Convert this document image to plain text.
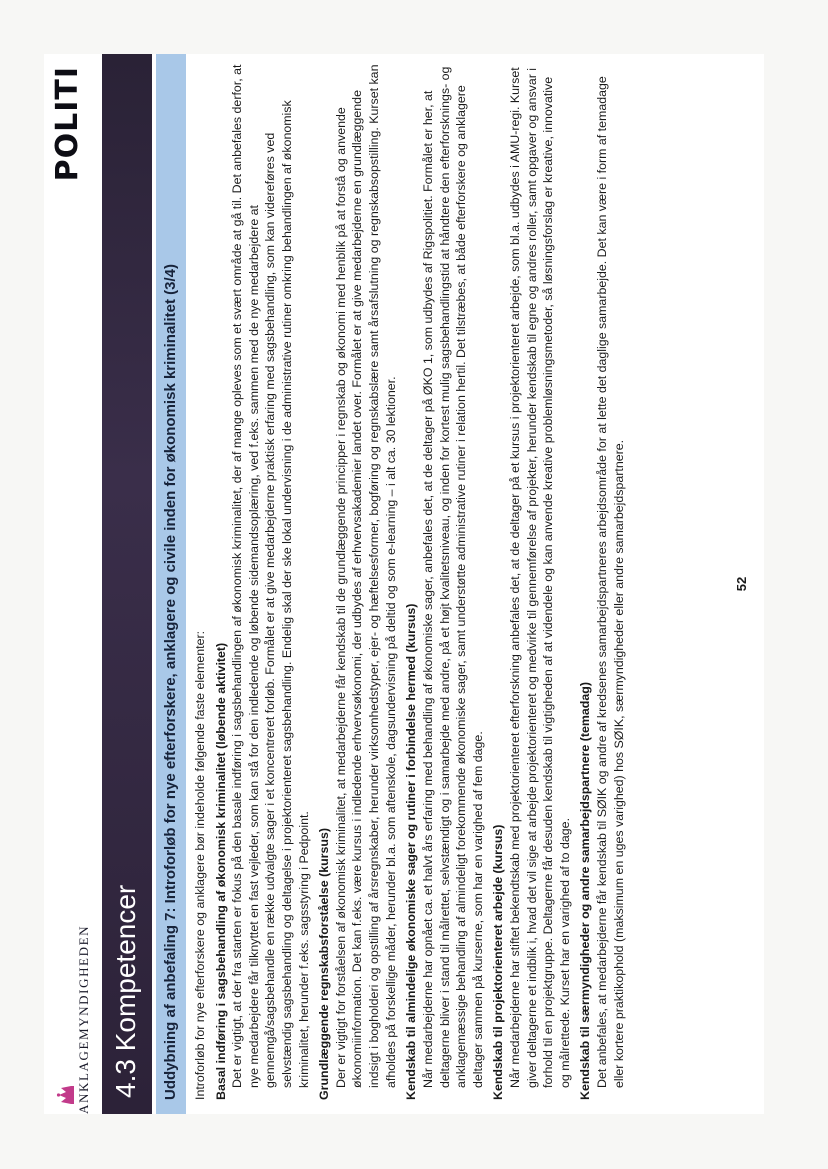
ANKLAGEMYNDIGHEDEN
POLITI
4.3 Kompetencer Uddybning af anbefaling 7: Introforløb for nye efterforskere, anklagere og civile inden for økonomisk kriminalitet (3/4) Introforløb for nye efterforskere og anklagere bør indeholde følgende faste elementer: Basal indføring i sagsbehandling af økonomisk kriminalitet (løbende aktivitet) Det er vigtigt, at der fra starten er fokus på den basale indføring i sagsbehandlingen af økonomisk kriminalitet, der af mange opleves som et svært område at gå til. Det anbefales derfor, at nye medarbejdere får tilknyttet en fast vejleder, som kan stå for den indledende og løbende sidemandsoplæring, ved f.eks. sammen med de nye medarbejdere at gennemgå/sagsbehandle en række udvalgte sager i et koncentreret forløb. Formålet er at give medarbejderne praktisk erfaring med sagsbehandling, som kan videreføres ved selvstændig sagsbehandling og deltagelse i projektorienteret sagsbehandling. Endelig skal der ske lokal undervisning i de administrative rutiner omkring behandlingen af økonomisk kriminalitet, herunder f.eks. sagsstyring i Pedpoint. Grundlæggende regnskabsforståelse (kursus) Der er vigtigt for forståelsen af økonomisk kriminalitet, at medarbejderne får kendskab til de grundlæggende principper i regnskab og økonomi med henblik på at forstå og anvende økonomiinformation. Det kan f.eks. være kursus i indledende erhvervsøkonomi, der udbydes af erhvervsakademier landet over. Formålet er at give medarbejderne en grundlæggende indsigt i bogholderi og opstilling af årsregnskaber, herunder virksomhedstyper, ejer- og hæftelsesformer, bogføring og regnskabslære samt årsafslutning og regnskabsopstilling. Kurset kan afholdes på forskellige måder, herunder bl.a. som aftenskole, dagsundervisning på deltid og som e-learning – i alt ca. 30 lektioner. Kendskab til almindelige økonomiske sager og rutiner i forbindelse hermed (kursus) Når medarbejderne har opnået ca. et halvt års erfaring med behandling af økonomiske sager, anbefales det, at de deltager på ØKO 1, som udbydes af Rigspolitiet. Formålet er her, at deltagerne bliver i stand til målrettet, selvstændigt og i samarbejde med andre, på et højt kvalitetsniveau, og inden for kortest mulig sagsbehandlingstid at håndtere den efterforsknings- og anklagemæssige behandling af almindeligt forekommende økonomiske sager, samt understøtte administrative rutiner i relation hertil. Det tilstræbes, at både efterforskere og anklagere deltager sammen på kurserne, som har en varighed af fem dage. Kendskab til projektorienteret arbejde (kursus) Når medarbejderne har stiftet bekendtskab med projektorienteret efterforskning anbefales det, at de deltager på et kursus i projektorienteret arbejde, som bl.a. udbydes i AMU-regi. Kurset giver deltagerne et indblik i, hvad det vil sige at arbejde projektorienteret og medvirke til gennemførelse af projekter, herunder kendskab til egne og andres roller, samt opgaver og ansvar i forhold til en projektgruppe. Deltagerne får desuden kendskab til vigtigheden af at videndele og kan anvende kreative problemløsningsmetoder, så løsningsforslag er kreative, innovative og målrettede. Kurset har en varighed af to dage. Kendskab til særmyndigheder og andre samarbejdspartnere (temadag) Det anbefales, at medarbejderne får kendskab til SØIK og andre af kredsenes samarbejdspartneres arbejdsområde for at lette det daglige samarbejde. Det kan være i form af temadage eller kortere praktikophold (maksimum en uges varighed) hos SØIK, særmyndigheder eller andre samarbejdspartnere.	52
